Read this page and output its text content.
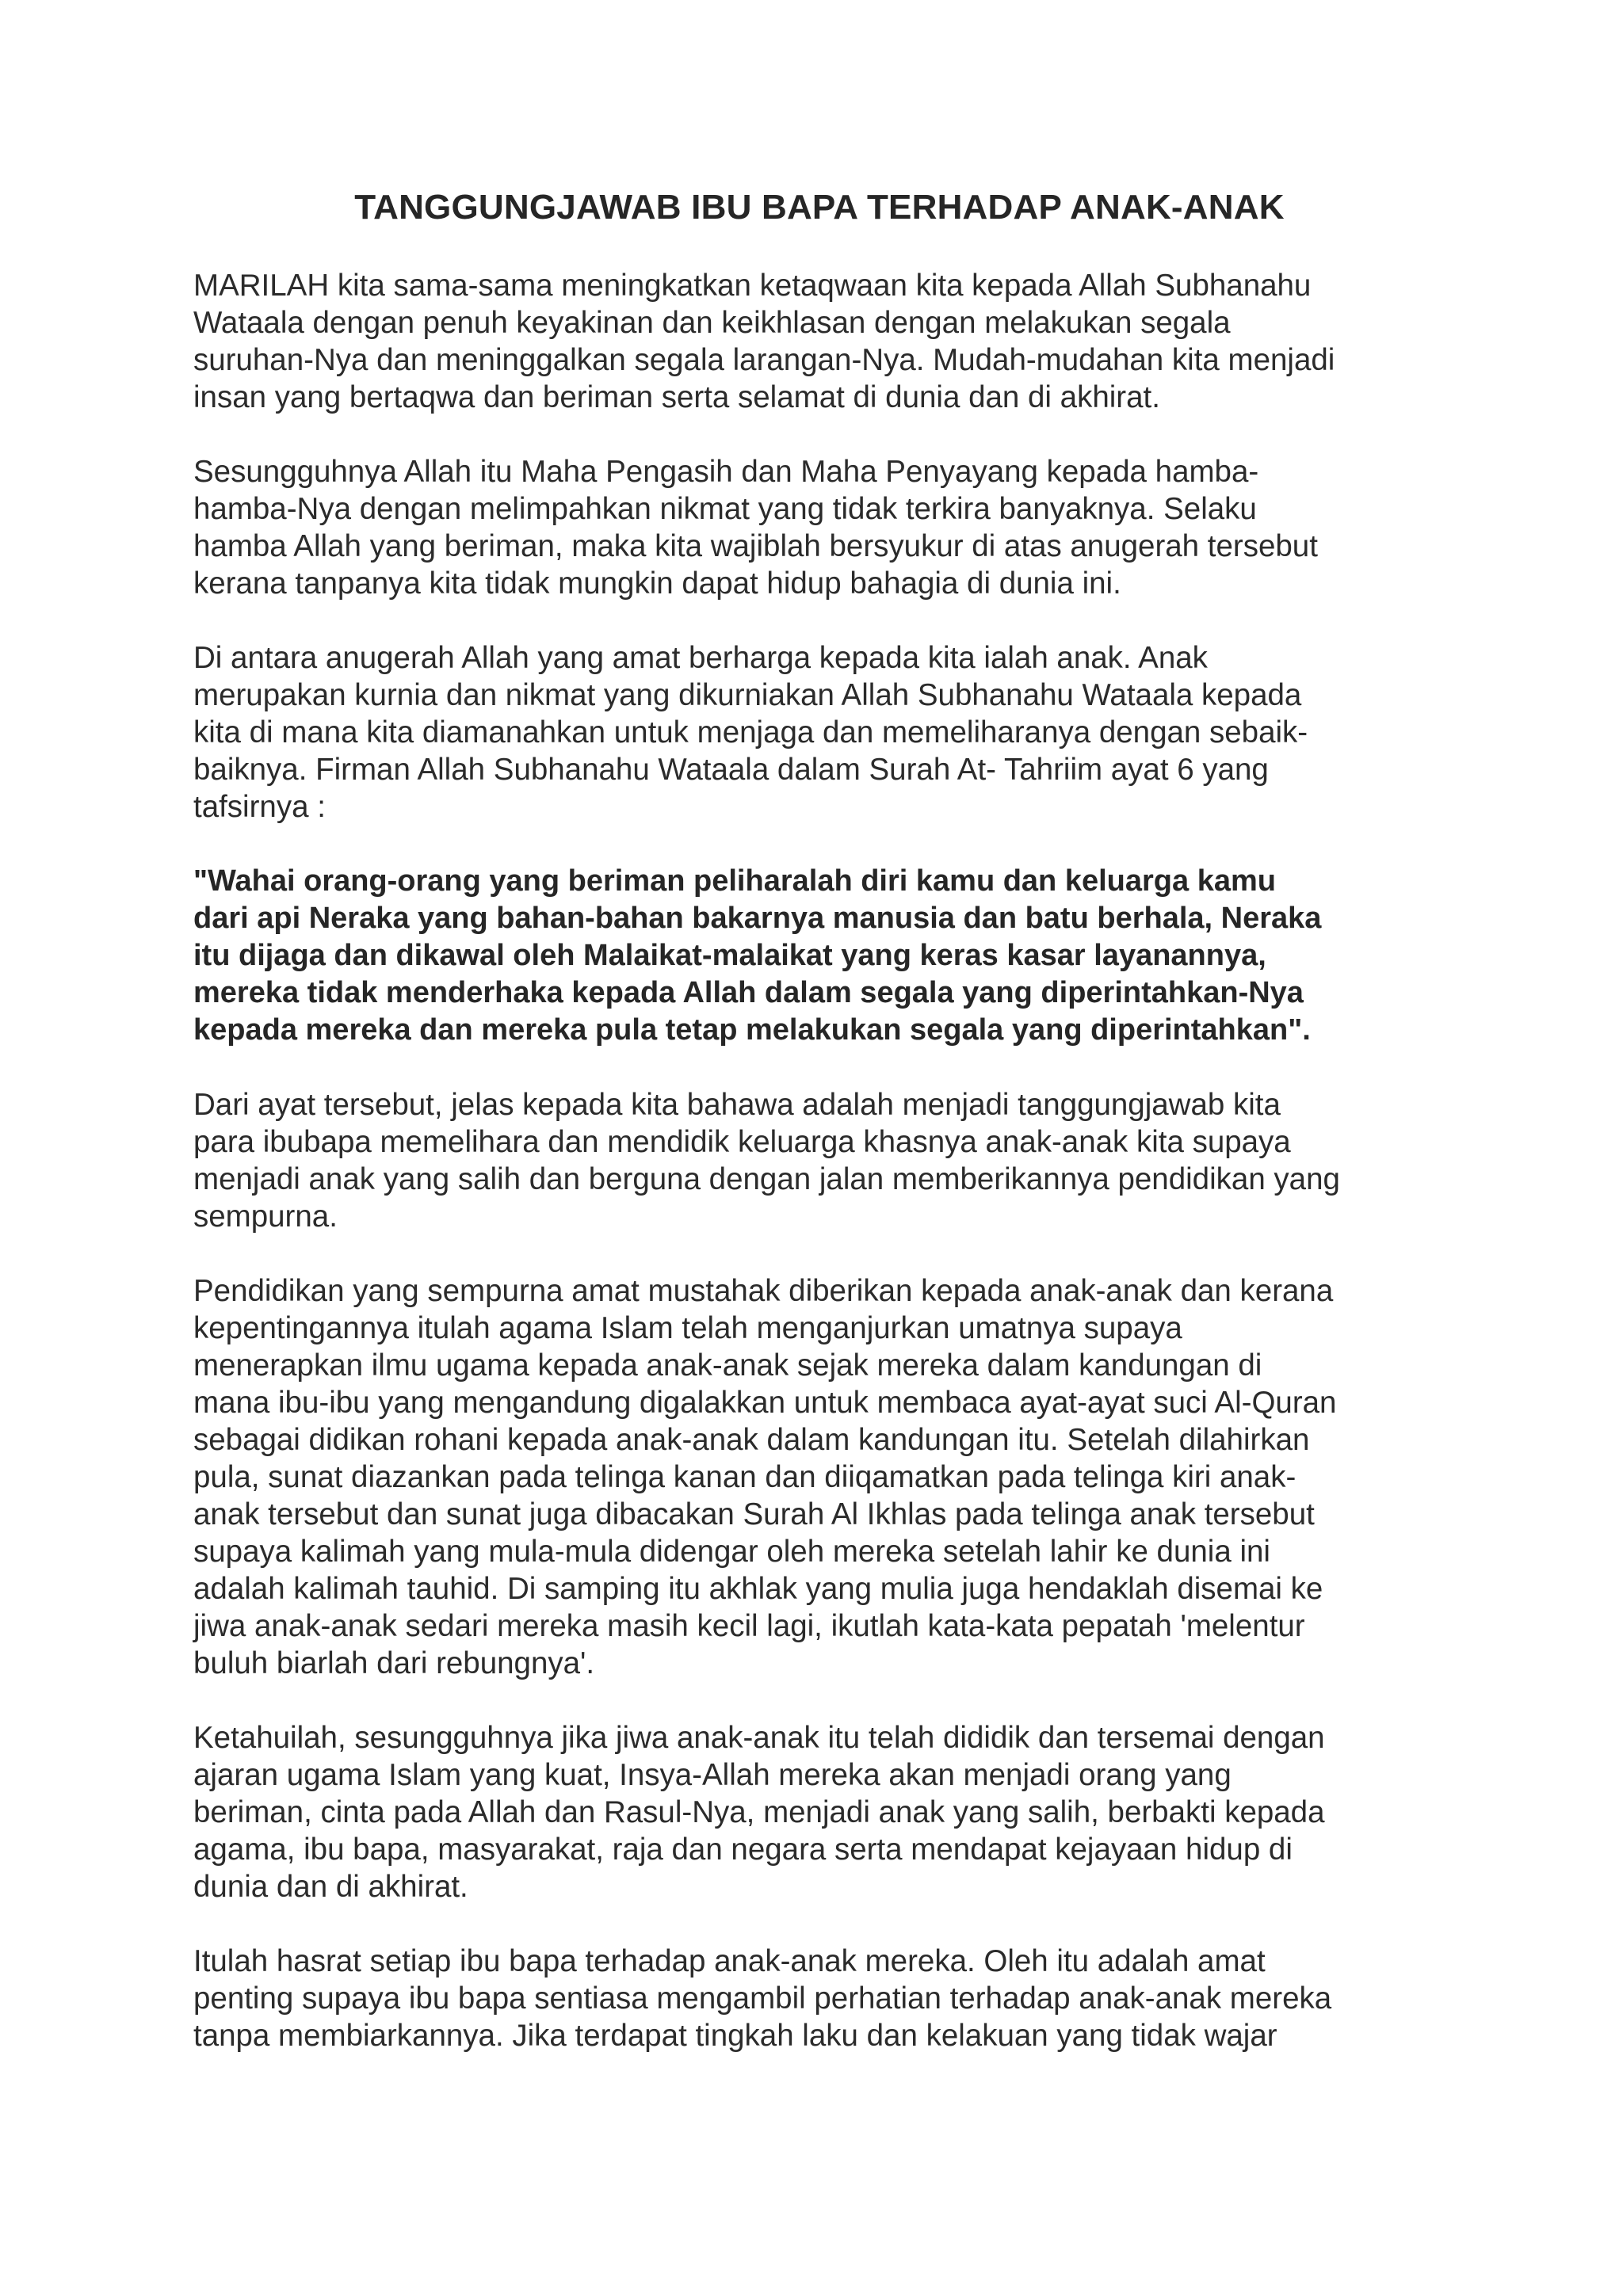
TANGGUNGJAWAB IBU BAPA TERHADAP ANAK-ANAK

MARILAH kita sama-sama meningkatkan ketaqwaan kita kepada Allah Subhanahu
Wataala dengan penuh keyakinan dan keikhlasan dengan melakukan segala
suruhan-Nya dan meninggalkan segala larangan-Nya. Mudah-mudahan kita menjadi
insan yang bertaqwa dan beriman serta selamat di dunia dan di akhirat.

Sesungguhnya Allah itu Maha Pengasih dan Maha Penyayang kepada hamba-
hamba-Nya dengan melimpahkan nikmat yang tidak terkira banyaknya. Selaku
hamba Allah yang beriman, maka kita wajiblah bersyukur di atas anugerah tersebut
kerana tanpanya kita tidak mungkin dapat hidup bahagia di dunia ini.

Di antara anugerah Allah yang amat berharga kepada kita ialah anak. Anak
merupakan kurnia dan nikmat yang dikurniakan Allah Subhanahu Wataala kepada
kita di mana kita diamanahkan untuk menjaga dan memeliharanya dengan sebaik-
baiknya. Firman Allah Subhanahu Wataala dalam Surah At- Tahriim ayat 6 yang
tafsirnya :

"Wahai orang-orang yang beriman peliharalah diri kamu dan keluarga kamu
dari api Neraka yang bahan-bahan bakarnya manusia dan batu berhala, Neraka
itu dijaga dan dikawal oleh Malaikat-malaikat yang keras kasar layanannya,
mereka tidak menderhaka kepada Allah dalam segala yang diperintahkan-Nya
kepada mereka dan mereka pula tetap melakukan segala yang diperintahkan".

Dari ayat tersebut, jelas kepada kita bahawa adalah menjadi tanggungjawab kita
para ibubapa memelihara dan mendidik keluarga khasnya anak-anak kita supaya
menjadi anak yang salih dan berguna dengan jalan memberikannya pendidikan yang
sempurna.

Pendidikan yang sempurna amat mustahak diberikan kepada anak-anak dan kerana
kepentingannya itulah agama Islam telah menganjurkan umatnya supaya
menerapkan ilmu ugama kepada anak-anak sejak mereka dalam kandungan di
mana ibu-ibu yang mengandung digalakkan untuk membaca ayat-ayat suci Al-Quran
sebagai didikan rohani kepada anak-anak dalam kandungan itu. Setelah dilahirkan
pula, sunat diazankan pada telinga kanan dan diiqamatkan pada telinga kiri anak-
anak tersebut dan sunat juga dibacakan Surah Al Ikhlas pada telinga anak tersebut
supaya kalimah yang mula-mula didengar oleh mereka setelah lahir ke dunia ini
adalah kalimah tauhid. Di samping itu akhlak yang mulia juga hendaklah disemai ke
jiwa anak-anak sedari mereka masih kecil lagi, ikutlah kata-kata pepatah 'melentur
buluh biarlah dari rebungnya'.

Ketahuilah, sesungguhnya jika jiwa anak-anak itu telah dididik dan tersemai dengan
ajaran ugama Islam yang kuat, Insya-Allah mereka akan menjadi orang yang
beriman, cinta pada Allah dan Rasul-Nya, menjadi anak yang salih, berbakti kepada
agama, ibu bapa, masyarakat, raja dan negara serta mendapat kejayaan hidup di
dunia dan di akhirat.

Itulah hasrat setiap ibu bapa terhadap anak-anak mereka. Oleh itu adalah amat
penting supaya ibu bapa sentiasa mengambil perhatian terhadap anak-anak mereka
tanpa membiarkannya. Jika terdapat tingkah laku dan kelakuan yang tidak wajar
